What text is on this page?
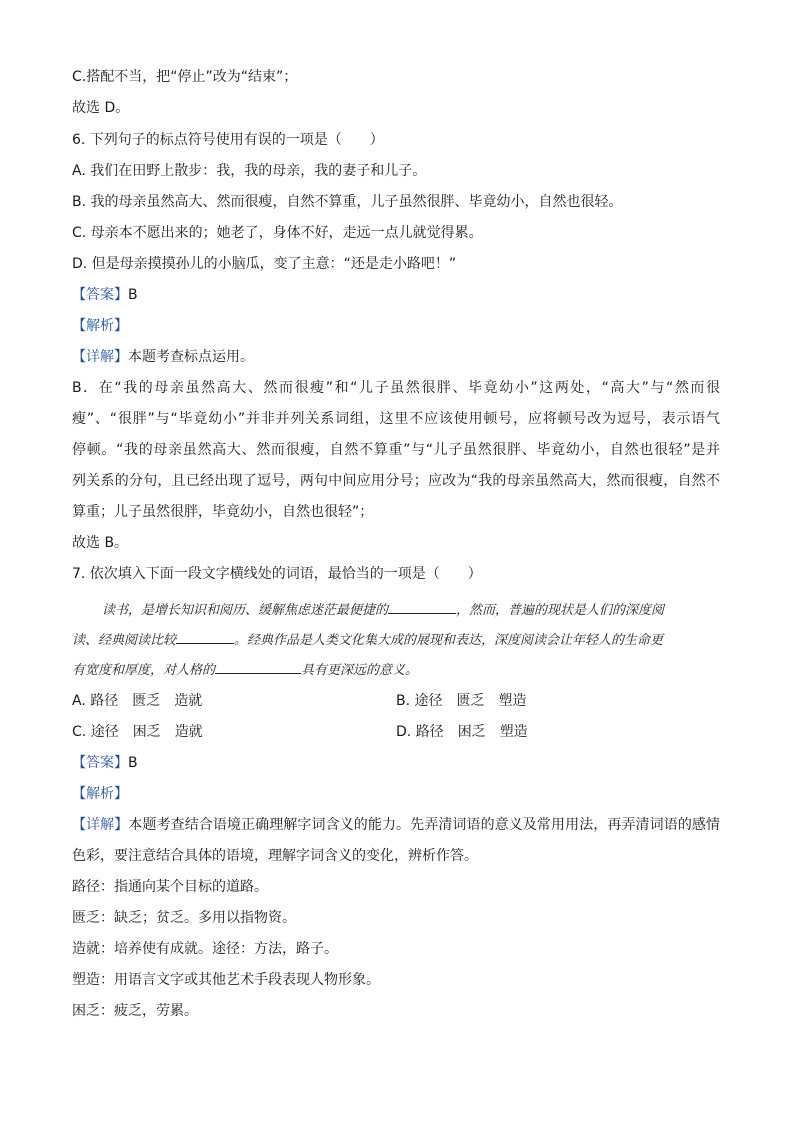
C.搭配不当，把“停止”改为“结束”；
故选 D。
6. 下列句子的标点符号使用有误的一项是（　　）
A. 我们在田野上散步：我，我的母亲，我的妻子和儿子。
B. 我的母亲虽然高大、然而很瘦，自然不算重，儿子虽然很胖、毕竟幼小，自然也很轻。
C. 母亲本不愿出来的；她老了，身体不好，走远一点儿就觉得累。
D. 但是母亲摸摸孙儿的小脑瓜，变了主意：“还是走小路吧！”
【答案】B
【解析】
【详解】本题考查标点运用。
B．在“我的母亲虽然高大、然而很瘦”和“儿子虽然很胖、毕竟幼小”这两处，“高大”与“然而很
瘦”、“很胖”与“毕竟幼小”并非并列关系词组，这里不应该使用顿号，应将顿号改为逗号，表示语气
停顿。“我的母亲虽然高大、然而很瘦，自然不算重”与“儿子虽然很胖、毕竟幼小，自然也很轻”是并
列关系的分句，且已经出现了逗号，两句中间应用分号；应改为“我的母亲虽然高大，然而很瘦，自然不
算重；儿子虽然很胖，毕竟幼小，自然也很轻”；
故选 B。
7. 依次填入下面一段文字横线处的词语，最恰当的一项是（　　）
读书，是增长知识和阅历、缓解焦虑迷茫最便捷的	，然而，普遍的现状是人们的深度阅
读、经典阅读比较	。经典作品是人类文化集大成的展现和表达，深度阅读会让年轻人的生命更
有宽度和厚度，对人格的	具有更深远的意义。
A. 路径 匮乏 造就	B. 途径 匮乏 塑造
C. 途径 困乏 造就	D. 路径 困乏 塑造
【答案】B
【解析】
【详解】本题考查结合语境正确理解字词含义的能力。先弄清词语的意义及常用用法，再弄清词语的感情
色彩，要注意结合具体的语境，理解字词含义的变化，辨析作答。
路径：指通向某个目标的道路。
匮乏：缺乏；贫乏。多用以指物资。
造就：培养使有成就。途径：方法，路子。
塑造：用语言文字或其他艺术手段表现人物形象。
困乏：疲乏，劳累。
